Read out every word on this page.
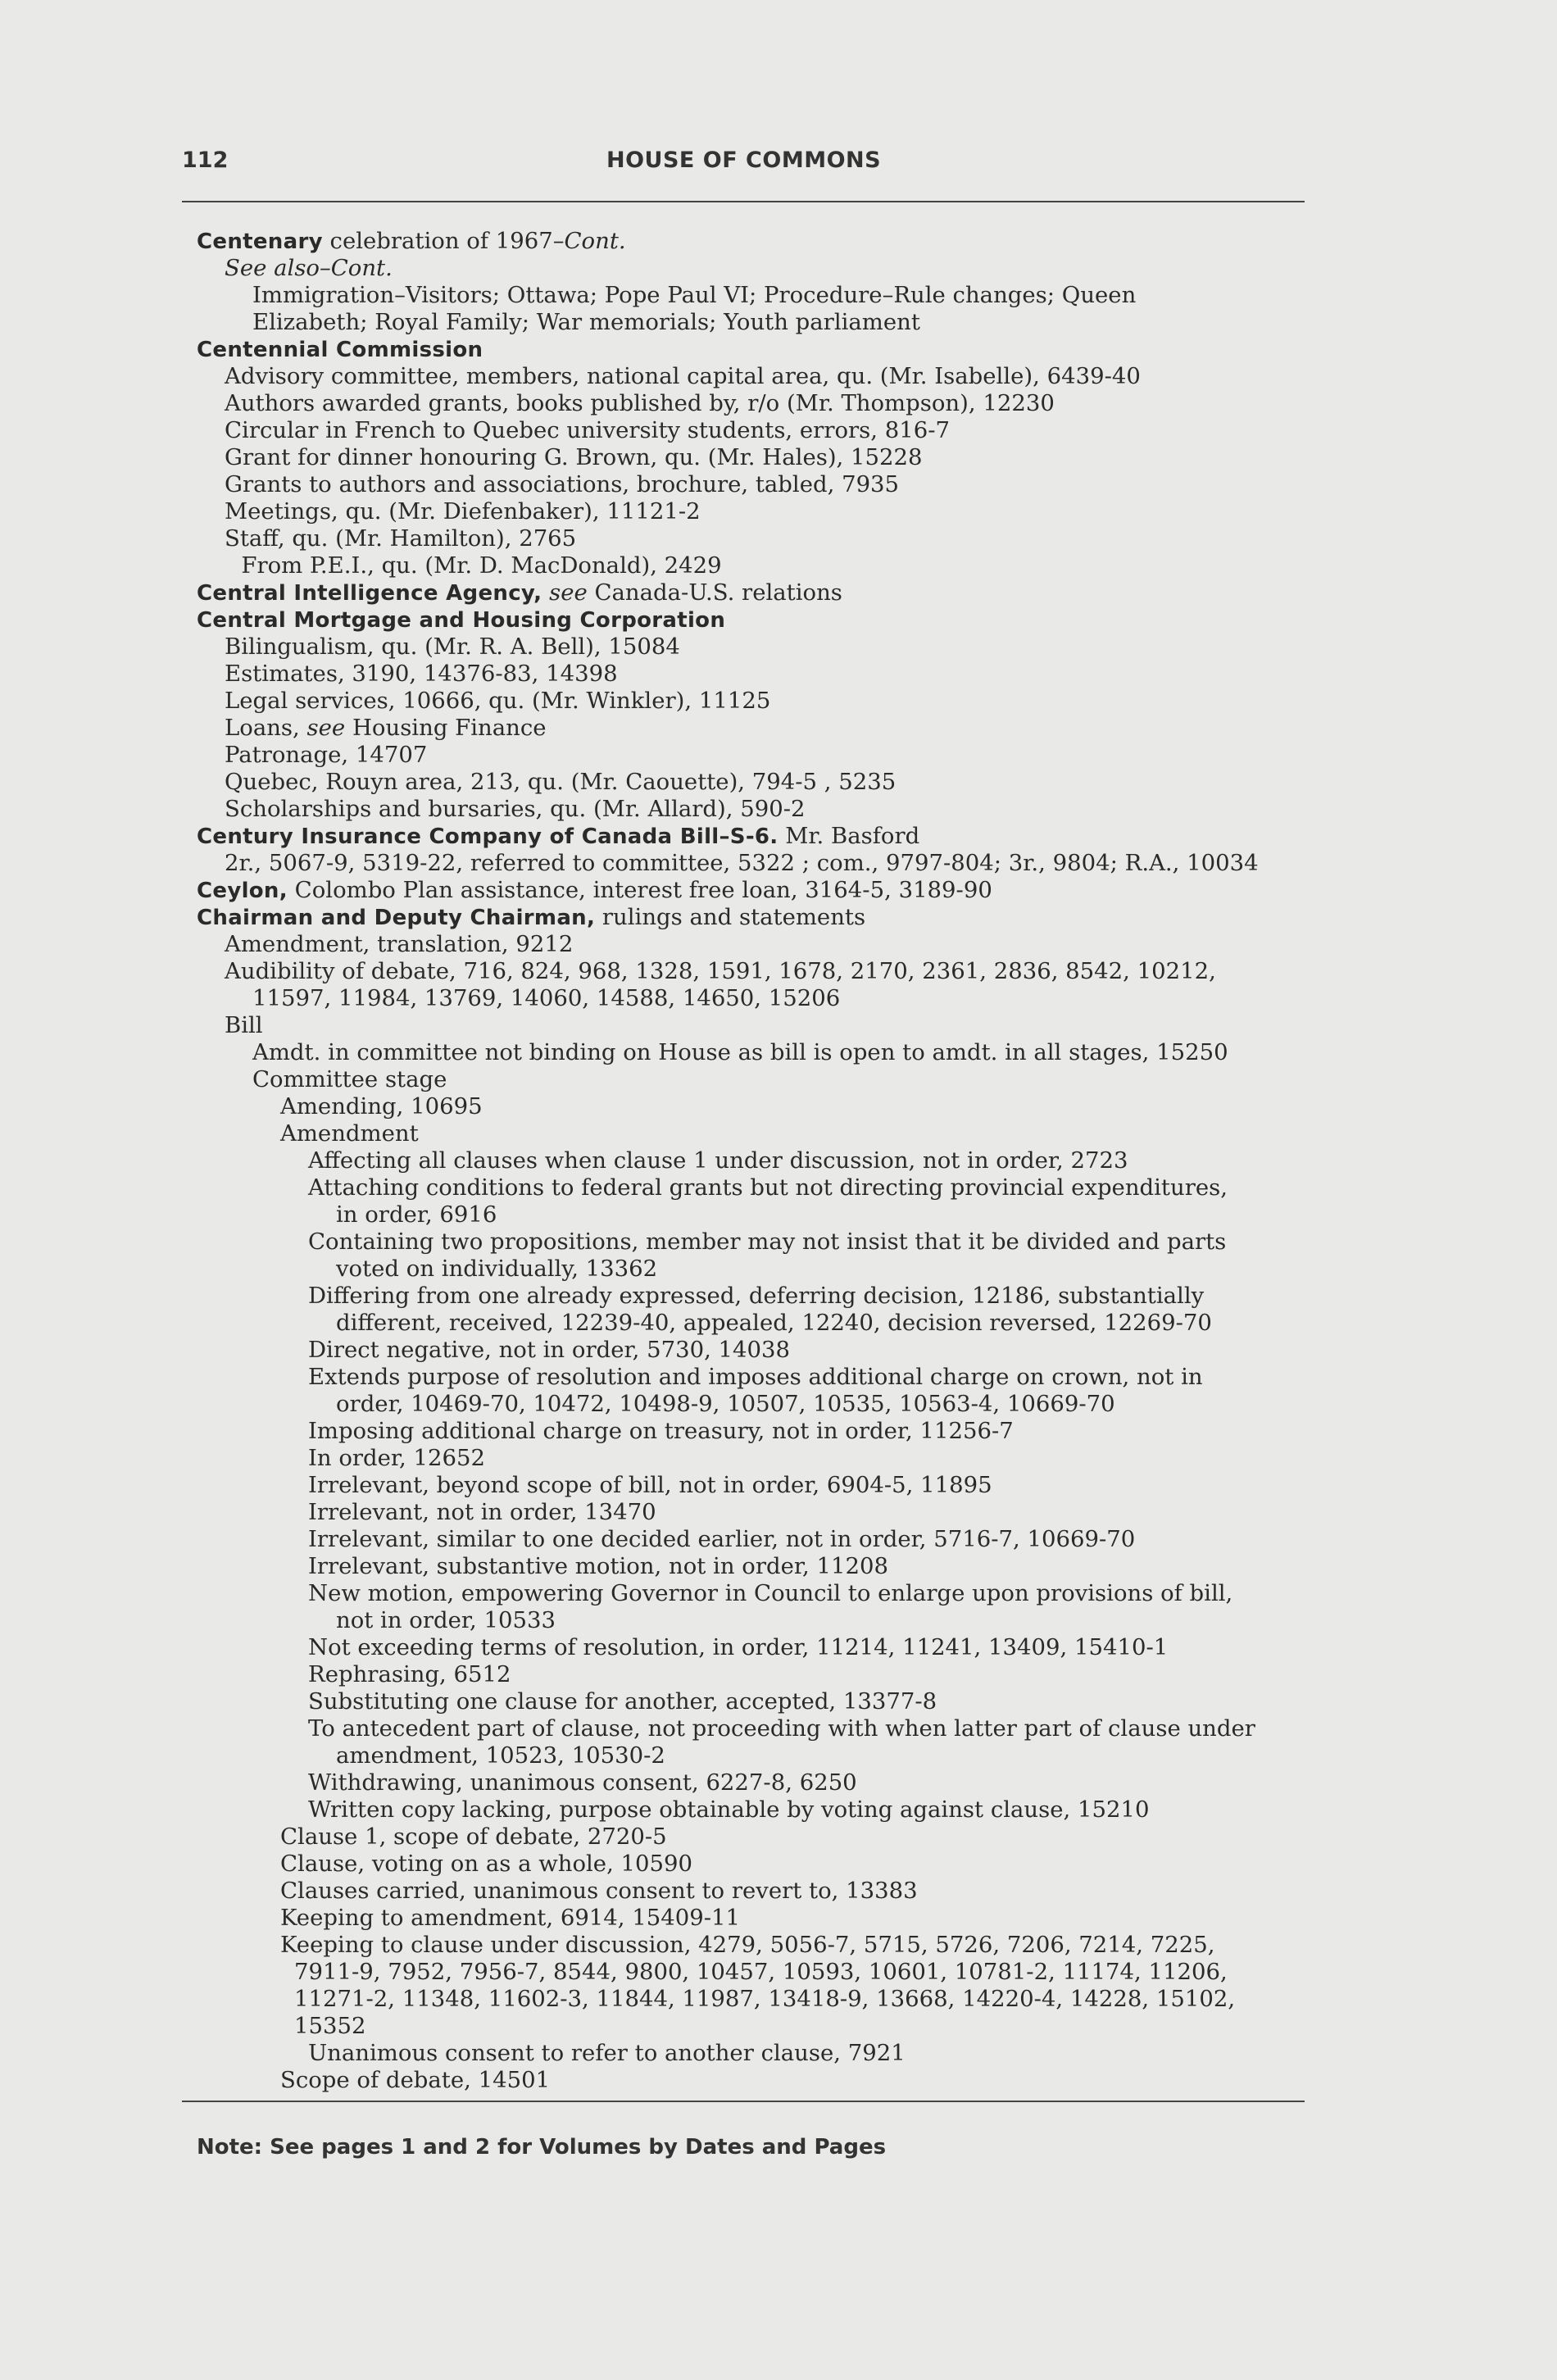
112	HOUSE OF COMMONS
Centenary celebration of 1967–Cont.
See also–Cont.
Immigration–Visitors; Ottawa; Pope Paul VI; Procedure–Rule changes; Queen
Elizabeth; Royal Family; War memorials; Youth parliament
Centennial Commission
Advisory committee, members, national capital area, qu. (Mr. Isabelle), 6439-40
Authors awarded grants, books published by, r/o (Mr. Thompson), 12230
Circular in French to Quebec university students, errors, 816-7
Grant for dinner honouring G. Brown, qu. (Mr. Hales), 15228
Grants to authors and associations, brochure, tabled, 7935
Meetings, qu. (Mr. Diefenbaker), 11121-2
Staff, qu. (Mr. Hamilton), 2765
From P.E.I., qu. (Mr. D. MacDonald), 2429
Central Intelligence Agency, see Canada-U.S. relations
Central Mortgage and Housing Corporation
Bilingualism, qu. (Mr. R. A. Bell), 15084
Estimates, 3190, 14376-83, 14398
Legal services, 10666, qu. (Mr. Winkler), 11125
Loans, see Housing Finance
Patronage, 14707
Quebec, Rouyn area, 213, qu. (Mr. Caouette), 794-5 , 5235
Scholarships and bursaries, qu. (Mr. Allard), 590-2
Century Insurance Company of Canada Bill–S-6. Mr. Basford
2r., 5067-9, 5319-22, referred to committee, 5322 ; com., 9797-804; 3r., 9804; R.A., 10034
Ceylon, Colombo Plan assistance, interest free loan, 3164-5, 3189-90
Chairman and Deputy Chairman, rulings and statements
Amendment, translation, 9212
Audibility of debate, 716, 824, 968, 1328, 1591, 1678, 2170, 2361, 2836, 8542, 10212,
11597, 11984, 13769, 14060, 14588, 14650, 15206
Bill
Amdt. in committee not binding on House as bill is open to amdt. in all stages, 15250
Committee stage
Amending, 10695
Amendment
Affecting all clauses when clause 1 under discussion, not in order, 2723
Attaching conditions to federal grants but not directing provincial expenditures,
in order, 6916
Containing two propositions, member may not insist that it be divided and parts
voted on individually, 13362
Differing from one already expressed, deferring decision, 12186, substantially
different, received, 12239-40, appealed, 12240, decision reversed, 12269-70
Direct negative, not in order, 5730, 14038
Extends purpose of resolution and imposes additional charge on crown, not in
order, 10469-70, 10472, 10498-9, 10507, 10535, 10563-4, 10669-70
Imposing additional charge on treasury, not in order, 11256-7
In order, 12652
Irrelevant, beyond scope of bill, not in order, 6904-5, 11895
Irrelevant, not in order, 13470
Irrelevant, similar to one decided earlier, not in order, 5716-7, 10669-70
Irrelevant, substantive motion, not in order, 11208
New motion, empowering Governor in Council to enlarge upon provisions of bill,
not in order, 10533
Not exceeding terms of resolution, in order, 11214, 11241, 13409, 15410-1
Rephrasing, 6512
Substituting one clause for another, accepted, 13377-8
To antecedent part of clause, not proceeding with when latter part of clause under
amendment, 10523, 10530-2
Withdrawing, unanimous consent, 6227-8, 6250
Written copy lacking, purpose obtainable by voting against clause, 15210
Clause 1, scope of debate, 2720-5
Clause, voting on as a whole, 10590
Clauses carried, unanimous consent to revert to, 13383
Keeping to amendment, 6914, 15409-11
Keeping to clause under discussion, 4279, 5056-7, 5715, 5726, 7206, 7214, 7225,
7911-9, 7952, 7956-7, 8544, 9800, 10457, 10593, 10601, 10781-2, 11174, 11206,
11271-2, 11348, 11602-3, 11844, 11987, 13418-9, 13668, 14220-4, 14228, 15102,
15352
Unanimous consent to refer to another clause, 7921
Scope of debate, 14501
Note: See pages 1 and 2 for Volumes by Dates and Pages
